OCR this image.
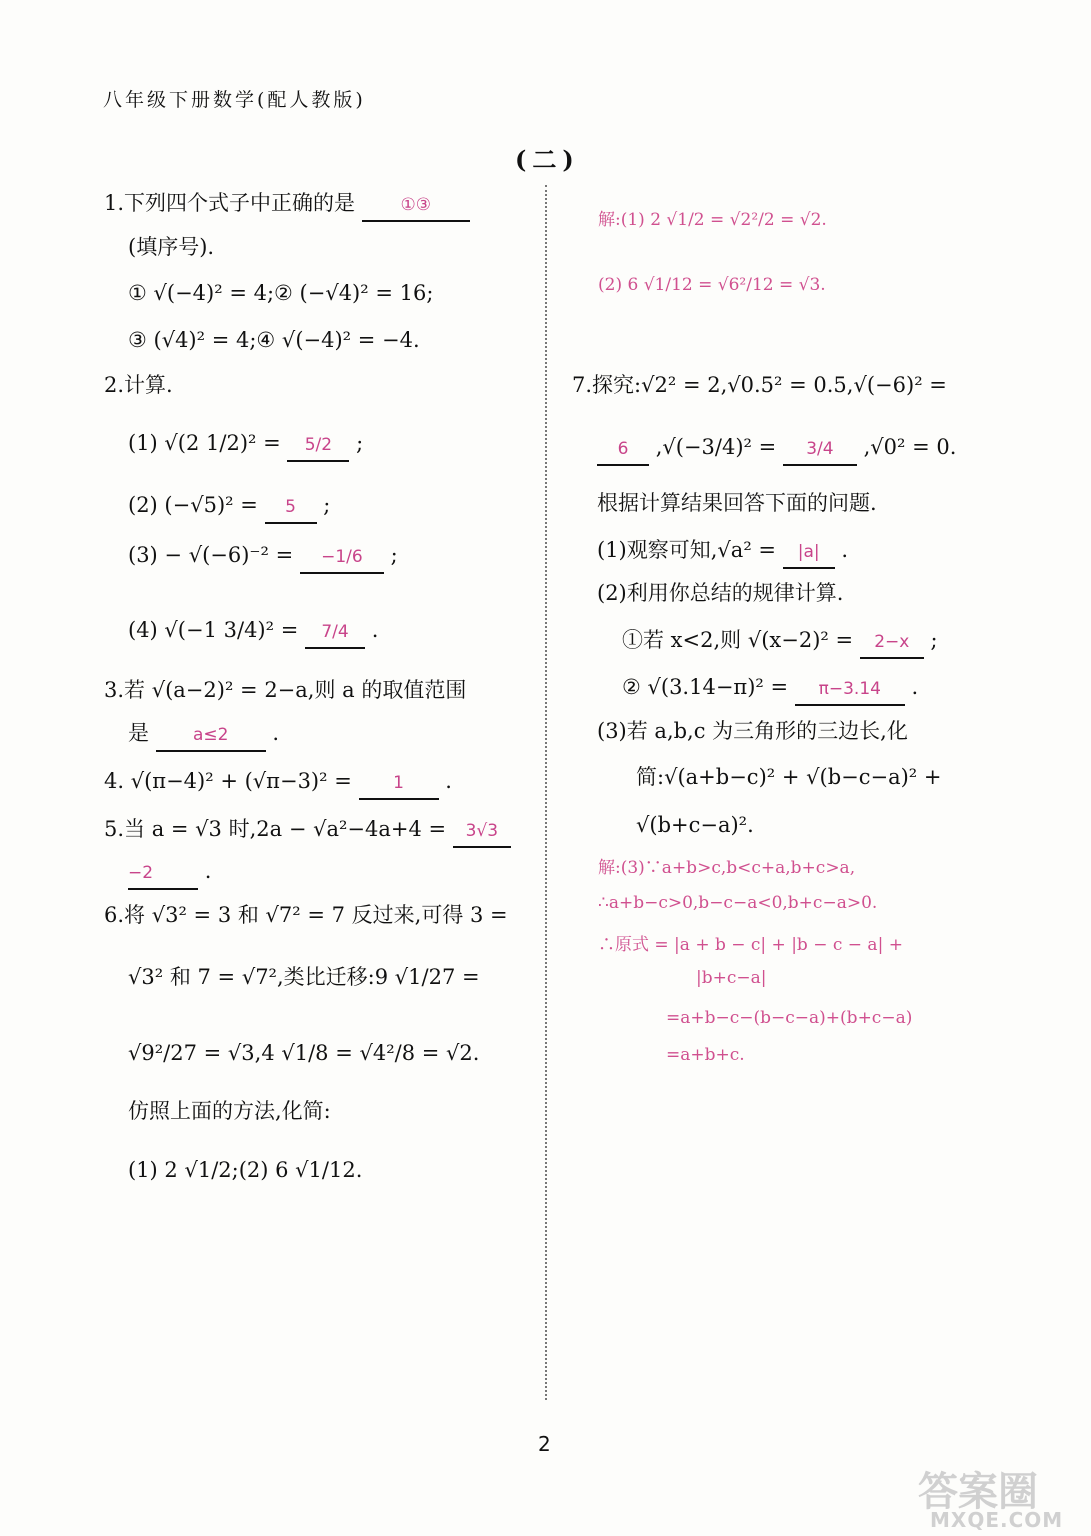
八年级下册数学(配人教版)
(二)
1.下列四个式子中正确的是	①③
(填序号).
① √(−4)² = 4;② (−√4)² = 16;
③ (√4)² = 4;④ √(−4)² = −4.
2.计算.
(1) √(2 1/2)² = 5/2 ;
(2) (−√5)² = 5 ;
(3) − √(−6)⁻² = −1/6 ;
(4) √(−1 3/4)² = 7/4 .
3.若 √(a−2)² = 2−a,则 a 的取值范围
是	a≤2 .
4. √(π−4)² + (√π−3)² = 1 .
5.当 a = √3 时,2a − √a²−4a+4 = 3√3
−2 .
6.将 √3² = 3 和 √7² = 7 反过来,可得 3 =
√3² 和 7 = √7²,类比迁移:9 √1/27 =
√9²/27 = √3,4 √1/8 = √4²/8 = √2.
仿照上面的方法,化简:
(1) 2 √1/2;(2) 6 √1/12.
解:(1) 2 √1/2 = √2²/2 = √2.
(2) 6 √1/12 = √6²/12 = √3.
7.探究:√2² = 2,√0.5² = 0.5,√(−6)² =
6 ,√(−3/4)² = 3/4 ,√0² = 0.
根据计算结果回答下面的问题.
(1)观察可知,√a² = |a| .
(2)利用你总结的规律计算.
①若 x<2,则 √(x−2)² = 2−x ;
② √(3.14−π)² = π−3.14 .
(3)若 a,b,c 为三角形的三边长,化
简:√(a+b−c)² + √(b−c−a)² +
√(b+c−a)².
解:(3)∵a+b>c,b<c+a,b+c>a,
∴a+b−c>0,b−c−a<0,b+c−a>0.
∴原式 = |a + b − c| + |b − c − a| +
|b+c−a|
=a+b−c−(b−c−a)+(b+c−a)
=a+b+c.
2
答案圈
MXQE.COM
